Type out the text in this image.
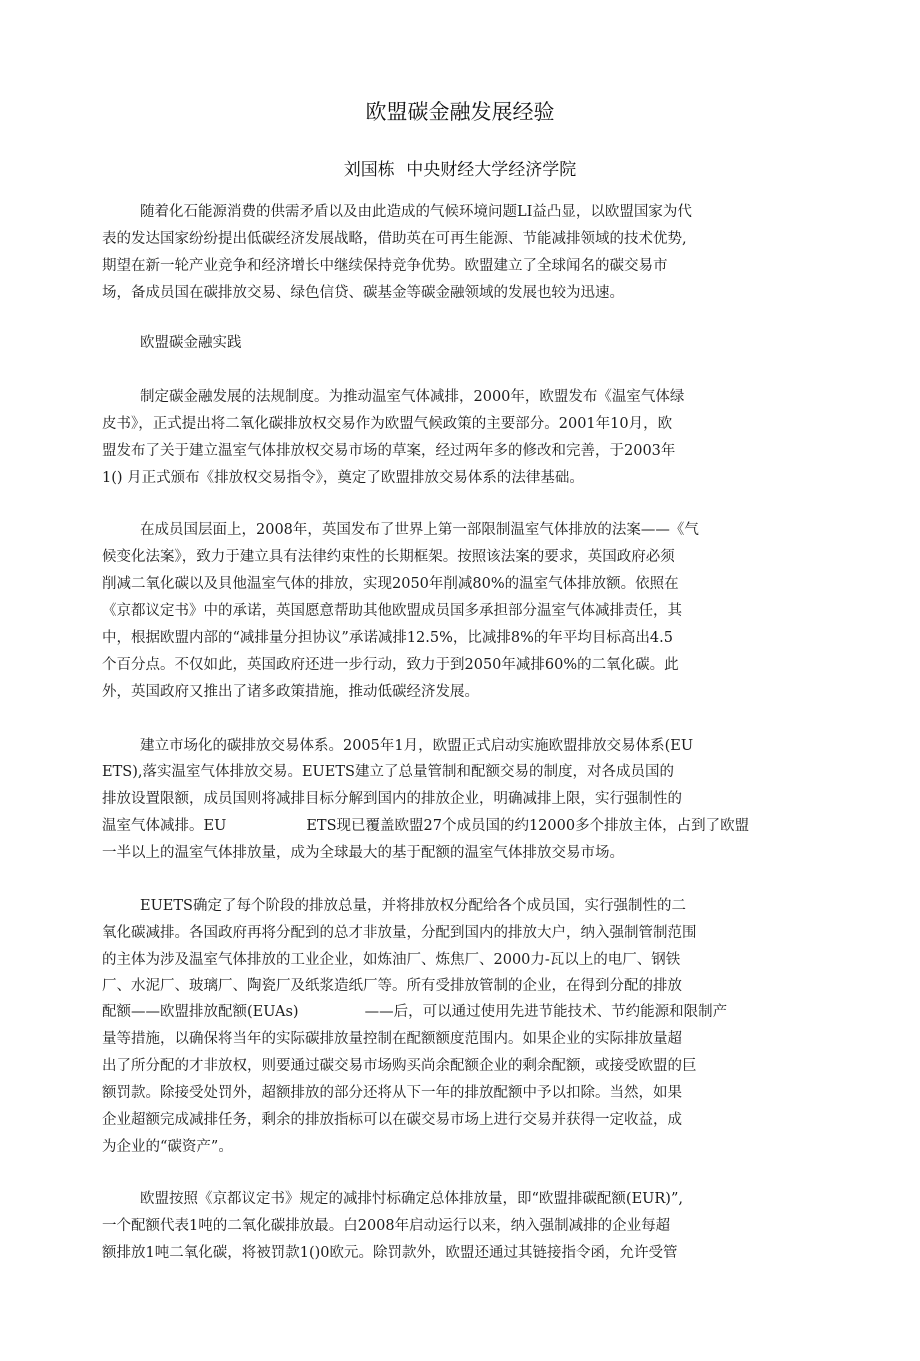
欧盟碳金融发展经验

刘国栋 中央财经大学经济学院

随着化石能源消费的供需矛盾以及由此造成的气候环境问题LI益凸显，以欧盟国家为代
表的发达国家纷纷提出低碳经济发展战略，借助英在可再生能源、节能减排领域的技术优势,
期望在新一轮产业竞争和经济增长中继续保持竞争优势。欧盟建立了全球闻名的碳交易市
场，备成员国在碳排放交易、绿色信贷、碳基金等碳金融领域的发展也较为迅速。
欧盟碳金融实践
制定碳金融发展的法规制度。为推动温室气体减排，2000年，欧盟发布《温室气体绿
皮书》，正式提出将二氧化碳排放权交易作为欧盟气候政策的主要部分。2001年10月，欧
盟发布了关于建立温室气体排放权交易市场的草案，经过两年多的修改和完善，于2003年
1() 月正式颁布《排放权交易指令》，奠定了欧盟排放交易体系的法律基础。
在成员国层面上，2008年，英国发布了世界上第一部限制温室气体排放的法案——《气
候变化法案》，致力于建立具有法律约束性的长期框架。按照该法案的要求，英国政府必须
削减二氧化碳以及貝他温室气体的排放，实现2050年削减80%的温室气体排放额。依照在
《京都议定书》中的承诺，英国愿意帮助其他欧盟成员国多承担部分温室气体减排责任，其
中，根据欧盟内部的“减排量分担协议”承诺减排12.5%，比减排8%的年平均目标高出4.5
个百分点。不仅如此，英国政府还进一步行动，致力于到2050年减排60%的二氧化碳。此
外，英国政府又推出了诸多政策措施，推动低碳经济发展。
建立市场化的碳排放交易体系。2005年1月，欧盟正式启动实施欧盟排放交易体系(EU
ETS),落实温室气体排放交易。EUETS建立了总量管制和配额交易的制度，对各成员国的
排放设置限额，成员国则将减排目标分解到国内的排放企业，明确减排上限，实行强制性的
温室气体减排。EU	ETS现已覆盖欧盟27个成员国的约12000多个排放主体，占到了欧盟
一半以上的温室气体排放量，成为全球最大的基于配额的温室气体排放交易市场。
EUETS确定了每个阶段的排放总量，并将排放权分配给各个成员国，实行强制性的二
氧化碳减排。各国政府再将分配到的总才非放量，分配到国内的排放大户，纳入强制管制范围
的主体为涉及温室气体排放的工业企业，如炼油厂、炼焦厂、2000力-瓦以上的电厂、钢铁
厂、水泥厂、玻璃厂、陶瓷厂及纸浆造纸厂等。所有受排放管制的企业，在得到分配的排放
配额——欧盟排放配额(EUAs)	——后，可以通过使用先进节能技术、节约能源和限制产
量等措施，以确保将当年的实际碳排放量控制在配额额度范围内。如果企业的实际排放量超
出了所分配的才非放权，则要通过碳交易市场购买尚余配额企业的剩余配额，或接受欧盟的巨
额罚款。除接受处罚外，超额排放的部分还将从下一年的排放配额中予以扣除。当然，如果
企业超额完成减排任务，剩余的排放指标可以在碳交易市场上进行交易并获得一定收益，成
为企业的“碳资产”。
欧盟按照《京都议定书》规定的减排忖标确定总体排放量，即“欧盟排碳配额(EUR)”,
一个配额代表1吨的二氧化碳排放最。白2008年启动运行以来，纳入强制减排的企业每超
额排放1吨二氧化碳，将被罚款1()0欧元。除罚款外，欧盟还通过其链接指令函，允许受管
